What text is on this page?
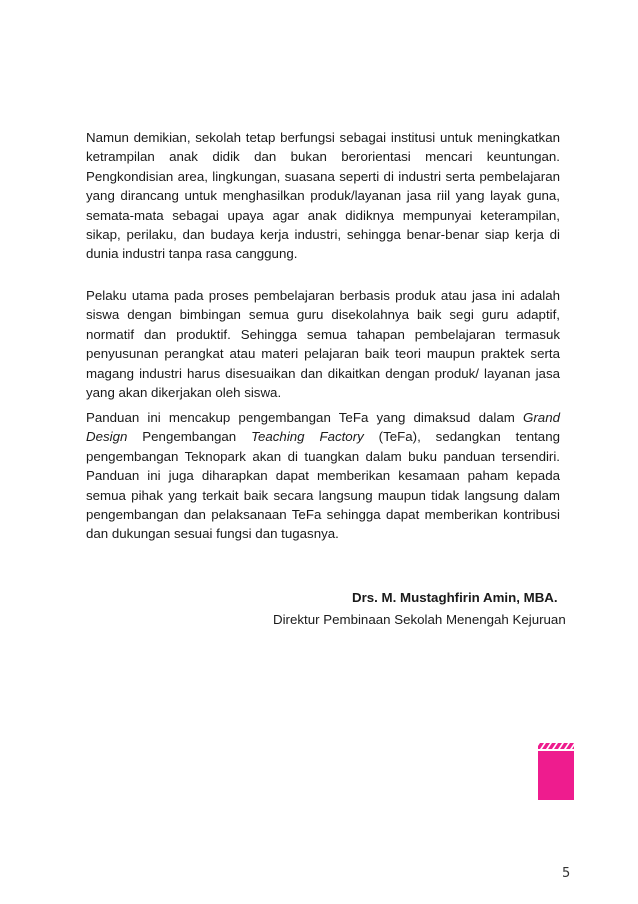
Namun demikian, sekolah tetap berfungsi sebagai institusi untuk meningkatkan ketrampilan anak didik dan bukan berorientasi mencari keuntungan. Pengkondisian area, lingkungan, suasana seperti di industri serta pembelajaran yang dirancang untuk menghasilkan produk/layanan jasa riil yang layak guna, semata-mata sebagai upaya agar anak didiknya mempunyai keterampilan, sikap, perilaku, dan budaya kerja industri, sehingga benar-benar siap kerja di dunia industri tanpa rasa canggung.

Pelaku utama pada proses pembelajaran berbasis produk atau jasa ini adalah siswa dengan bimbingan semua guru disekolahnya baik segi guru adaptif, normatif dan produktif. Sehingga semua tahapan pembelajaran termasuk penyusunan perangkat atau materi pelajaran baik teori maupun praktek serta magang industri harus disesuaikan dan dikaitkan dengan produk/ layanan jasa yang akan dikerjakan oleh siswa.

Panduan ini mencakup pengembangan TeFa yang dimaksud dalam Grand Design Pengembangan Teaching Factory (TeFa), sedangkan tentang pengembangan Teknopark akan di tuangkan dalam buku panduan tersendiri. Panduan ini juga diharapkan dapat memberikan kesamaan paham kepada semua pihak yang terkait baik secara langsung maupun tidak langsung dalam pengembangan dan pelaksanaan TeFa sehingga dapat memberikan kontribusi dan dukungan sesuai fungsi dan tugasnya.

Drs. M. Mustaghfirin Amin, MBA.
Direktur Pembinaan Sekolah Menengah Kejuruan
5
